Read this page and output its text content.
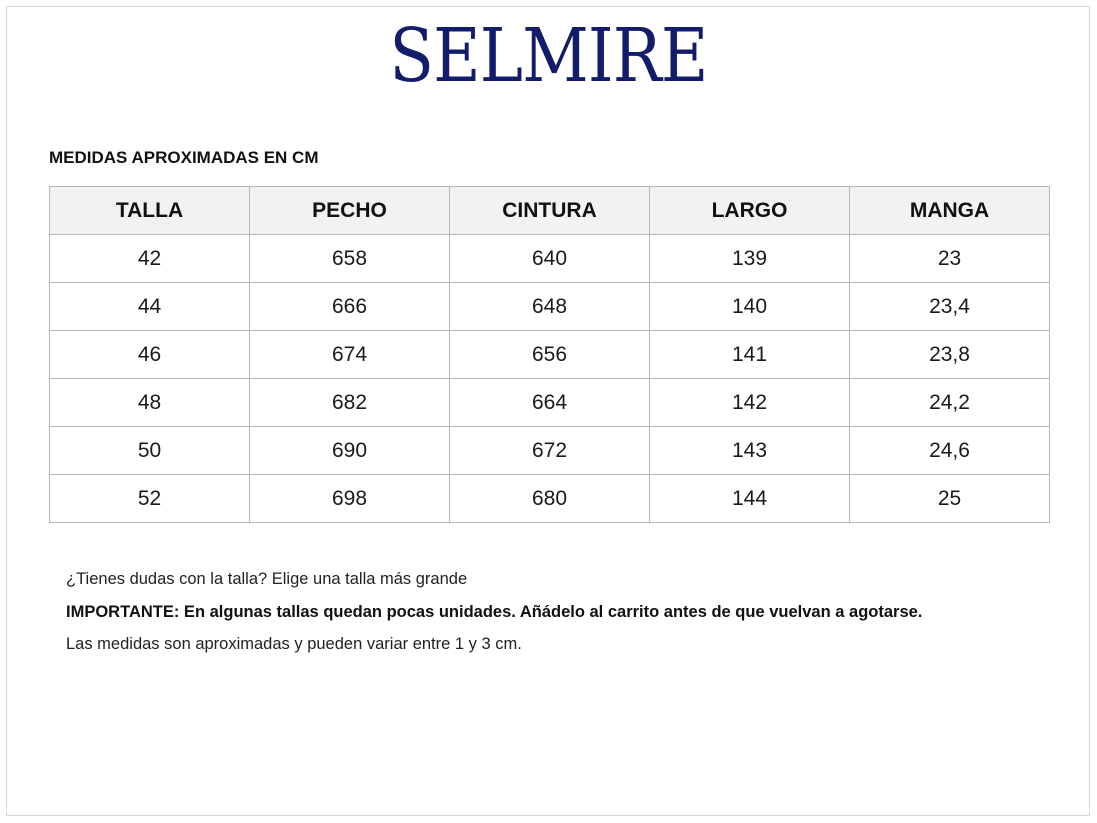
SELMIRE
MEDIDAS APROXIMADAS EN CM
TALLA	PECHO	CINTURA	LARGO	MANGA
42	658	640	139	23
44	666	648	140	23,4
46	674	656	141	23,8
48	682	664	142	24,2
50	690	672	143	24,6
52	698	680	144	25

¿Tienes dudas con la talla? Elige una talla más grande

IMPORTANTE: En algunas tallas quedan pocas unidades. Añádelo al carrito antes de que vuelvan a agotarse.

Las medidas son aproximadas y pueden variar entre 1 y 3 cm.
